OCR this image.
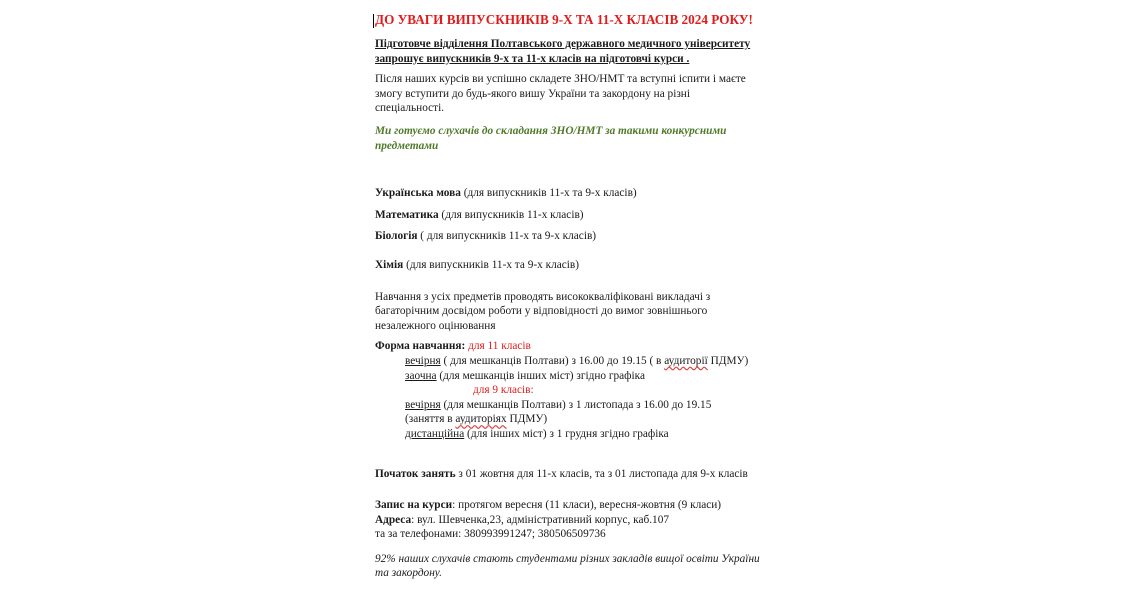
ДО УВАГИ ВИПУСКНИКІВ 9-Х ТА 11-Х КЛАСІВ 2024 РОКУ!
Підготовче відділення Полтавського державного медичного університету
запрошує випускників 9-х та 11-х класів на підготовчі курси .
Після наших курсів ви успішно складете ЗНО/НМТ та вступні іспити і маєте
змогу вступити до будь-якого вишу України та закордону на різні
спеціальності.
Ми готуємо слухачів до складання ЗНО/НМТ за такими конкурсними
предметами
Українська мова (для випускників 11-х та 9-х класів)
Математика (для випускників 11-х класів)
Біологія ( для випускників 11-х та 9-х класів)
Хімія (для випускників 11-х та 9-х класів)
Навчання з усіх предметів проводять висококваліфіковані викладачі з
багаторічним досвідом роботи у відповідності до вимог зовнішнього
незалежного оцінювання
Форма навчання: для 11 класів
вечірня ( для мешканців Полтави) з 16.00 до 19.15 ( в аудиторії ПДМУ)
заочна (для мешканців інших міст) згідно графіка
для 9 класів:
вечірня (для мешканців Полтави) з 1 листопада з 16.00 до 19.15
(заняття в аудиторіях ПДМУ)
дистанційна (для інших міст) з 1 грудня згідно графіка
Початок занять з 01 жовтня для 11-х класів, та з 01 листопада для 9-х класів
Запис на курси: протягом вересня (11 класи), вересня-жовтня (9 класи)
Адреса: вул. Шевченка,23, адміністративний корпус, каб.107
та за телефонами: 380993991247; 380506509736
92% наших слухачів стають студентами різних закладів вищої освіти України
та закордону.
